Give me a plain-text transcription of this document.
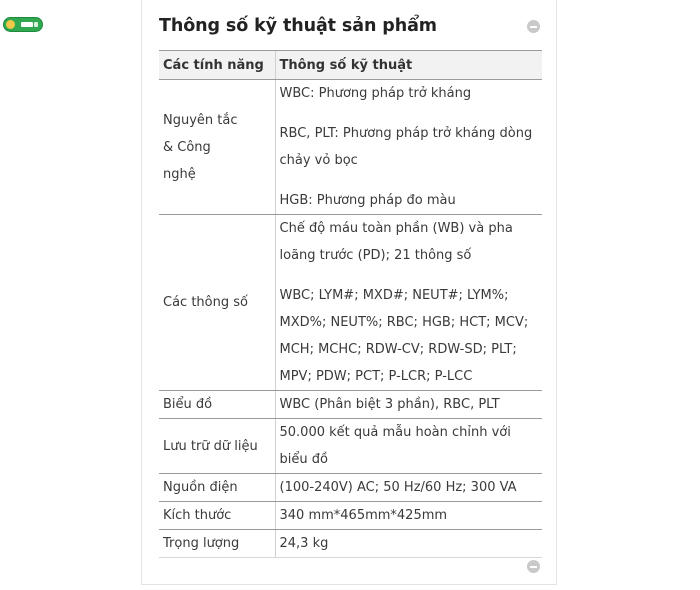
Thông số kỹ thuật sản phẩm
Các tính năng	Thông số kỹ thuật
Nguyên tắc & Công nghệ	WBC: Phương pháp trở kháng
RBC, PLT: Phương pháp trở kháng dòng chảy vỏ bọc
HGB: Phương pháp đo màu

Các thông số	Chế độ máu toàn phần (WB) và pha loãng trước (PD); 21 thông số
WBC; LYM#; MXD#; NEUT#; LYM%; MXD%; NEUT%; RBC; HGB; HCT; MCV; MCH; MCHC; RDW-CV; RDW-SD; PLT; MPV; PDW; PCT; P-LCR; P-LCC

Biểu đồ	WBC (Phân biệt 3 phần), RBC, PLT
Lưu trữ dữ liệu	50.000 kết quả mẫu hoàn chỉnh với biểu đồ
Nguồn điện	(100-240V) AC; 50 Hz/60 Hz; 300 VA
Kích thước	340 mm*465mm*425mm
Trọng lượng	24,3 kg
